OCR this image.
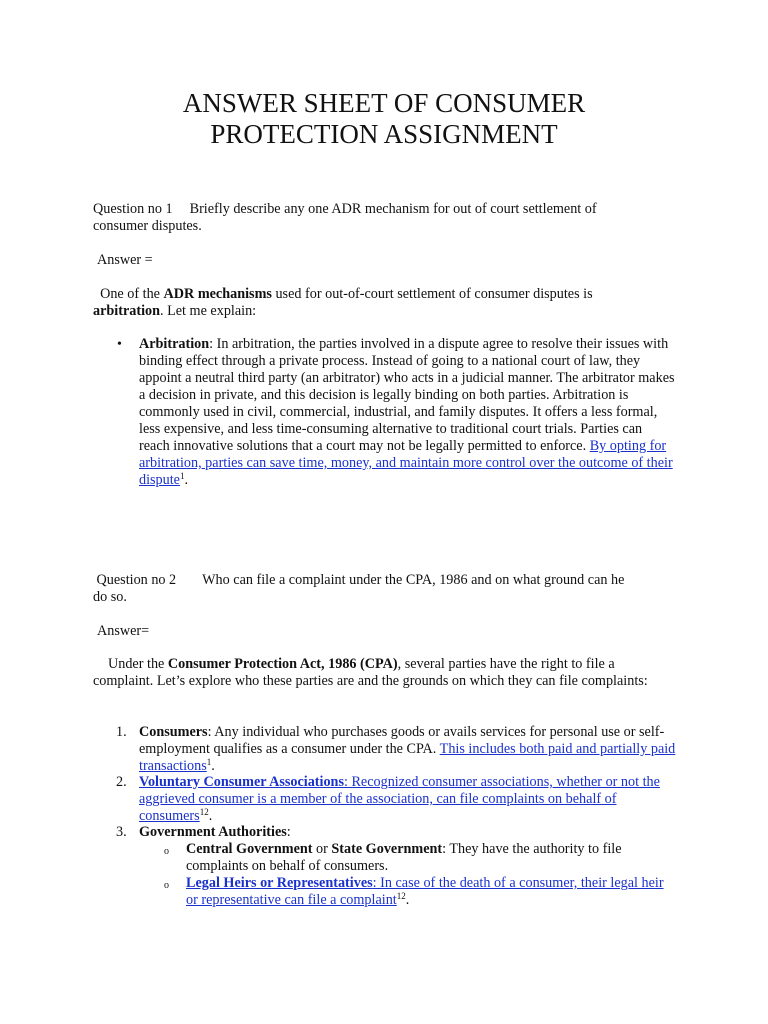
ANSWER SHEET OF CONSUMER
PROTECTION ASSIGNMENT
Question no 1 Briefly describe any one ADR mechanism for out of court settlement of
consumer disputes.
Answer =
One of the ADR mechanisms used for out-of-court settlement of consumer disputes is
arbitration. Let me explain:
• Arbitration: In arbitration, the parties involved in a dispute agree to resolve their issues with binding effect through a private process. Instead of going to a national court of law, they appoint a neutral third party (an arbitrator) who acts in a judicial manner. The arbitrator makes a decision in private, and this decision is legally binding on both parties. Arbitration is commonly used in civil, commercial, industrial, and family disputes. It offers a less formal, less expensive, and less time-consuming alternative to traditional court trials. Parties can reach innovative solutions that a court may not be legally permitted to enforce. By opting for arbitration, parties can save time, money, and maintain more control over the outcome of their dispute$^1$.
Question no 2 Who can file a complaint under the CPA, 1986 and on what ground can he
do so.
Answer=
Under the Consumer Protection Act, 1986 (CPA), several parties have the right to file a complaint. Let’s explore who these parties are and the grounds on which they can file complaints:
1. Consumers: Any individual who purchases goods or avails services for personal use or self-employment qualifies as a consumer under the CPA. This includes both paid and partially paid transactions$^1$.
2. Voluntary Consumer Associations: Recognized consumer associations, whether or not the aggrieved consumer is a member of the association, can file complaints on behalf of consumers$^{12}$.
3. Government Authorities:
o Central Government or State Government: They have the authority to file complaints on behalf of consumers.
o Legal Heirs or Representatives: In case of the death of a consumer, their legal heir or representative can file a complaint$^{12}$.
